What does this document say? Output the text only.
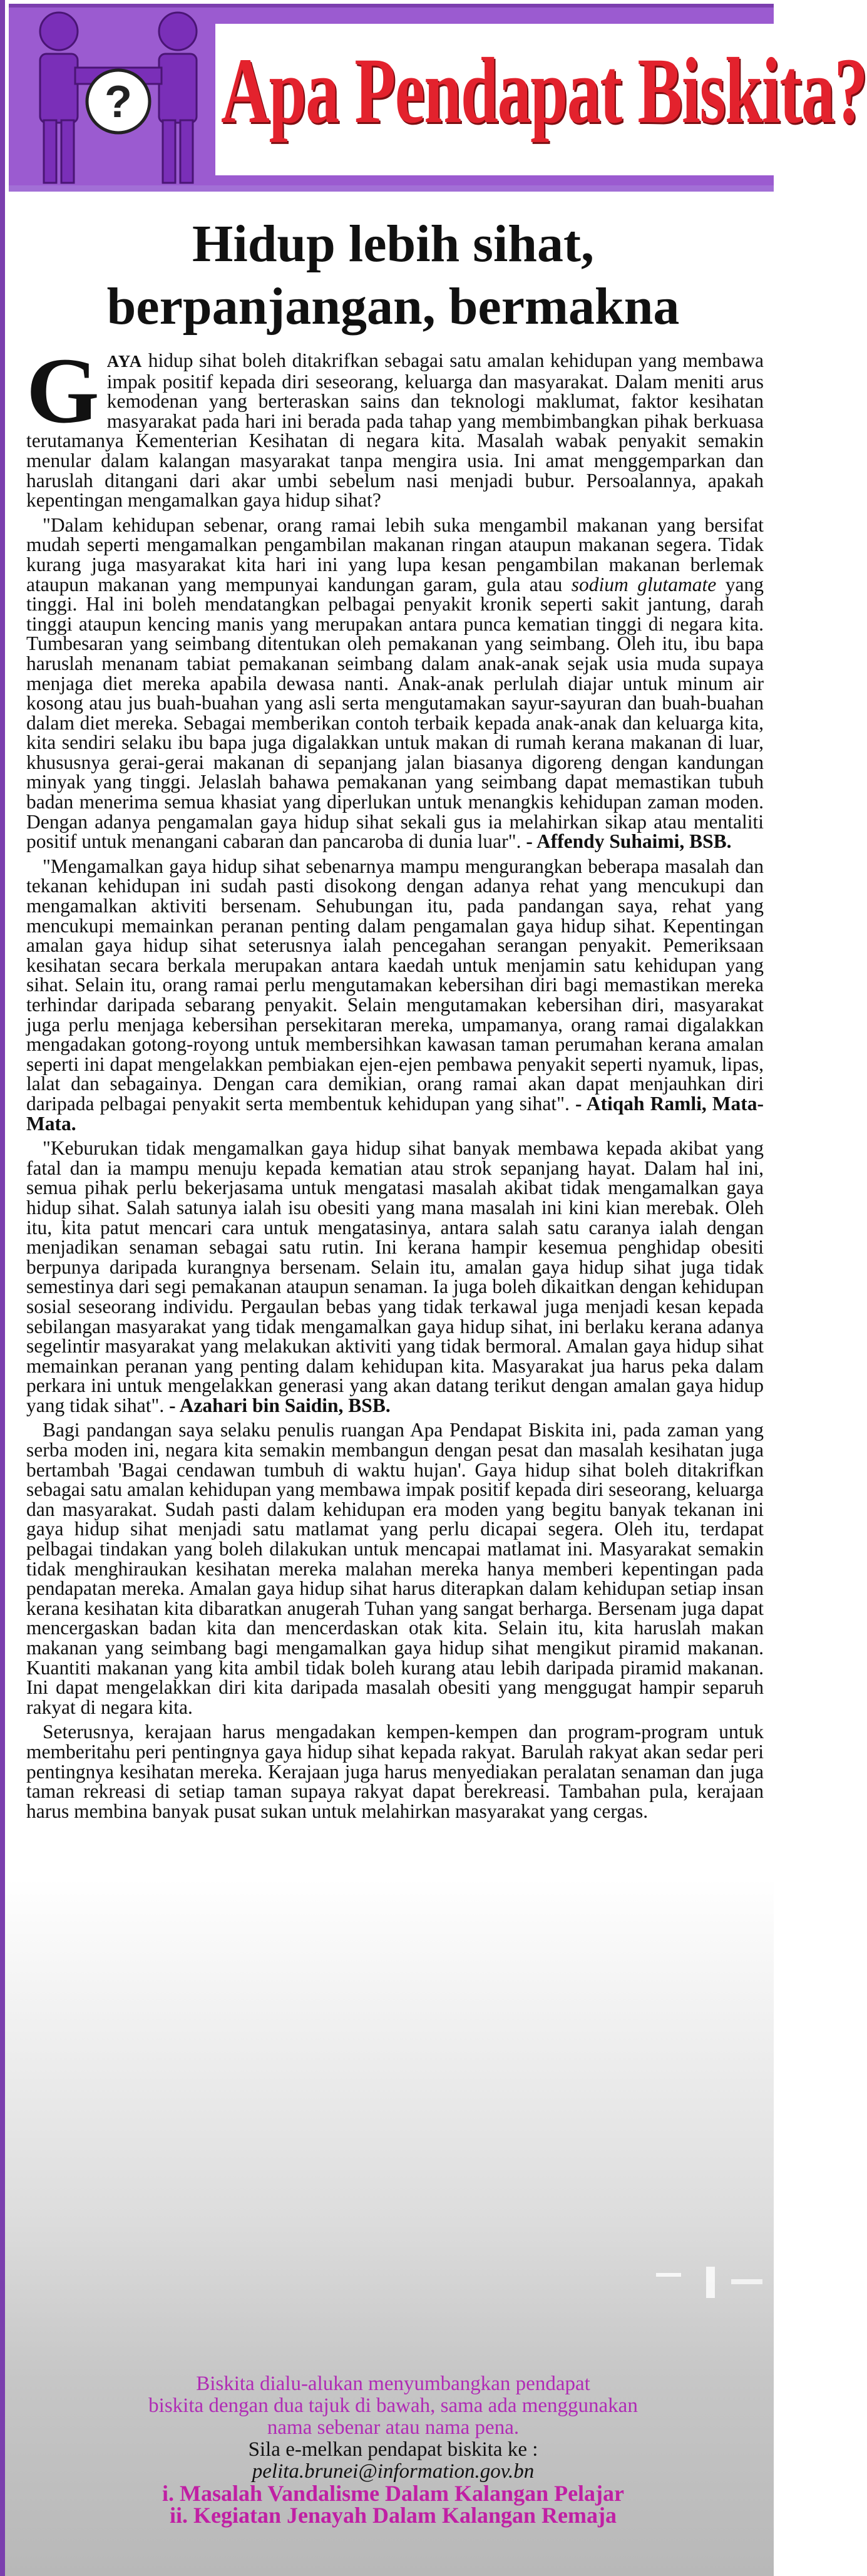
? Apa Pendapat Biskita?
Hidup lebih sihat,
berpanjangan, bermakna

GAYA hidup sihat boleh ditakrifkan sebagai satu amalan kehidupan yang membawa impak positif kepada diri seseorang, keluarga dan masyarakat. Dalam meniti arus kemodenan yang berteraskan sains dan teknologi maklumat, faktor kesihatan masyarakat pada hari ini berada pada tahap yang membimbangkan pihak berkuasa terutamanya Kementerian Kesihatan di negara kita. Masalah wabak penyakit semakin menular dalam kalangan masyarakat tanpa mengira usia. Ini amat menggemparkan dan haruslah ditangani dari akar umbi sebelum nasi menjadi bubur. Persoalannya, apakah kepentingan mengamalkan gaya hidup sihat?

"Dalam kehidupan sebenar, orang ramai lebih suka mengambil makanan yang bersifat mudah seperti mengamalkan pengambilan makanan ringan ataupun makanan segera. Tidak kurang juga masyarakat kita hari ini yang lupa kesan pengambilan makanan berlemak ataupun makanan yang mempunyai kandungan garam, gula atau sodium glutamate yang tinggi. Hal ini boleh mendatangkan pelbagai penyakit kronik seperti sakit jantung, darah tinggi ataupun kencing manis yang merupakan antara punca kematian tinggi di negara kita. Tumbesaran yang seimbang ditentukan oleh pemakanan yang seimbang. Oleh itu, ibu bapa haruslah menanam tabiat pemakanan seimbang dalam anak-anak sejak usia muda supaya menjaga diet mereka apabila dewasa nanti. Anak-anak perlulah diajar untuk minum air kosong atau jus buah-buahan yang asli serta mengutamakan sayur-sayuran dan buah-buahan dalam diet mereka. Sebagai memberikan contoh terbaik kepada anak-anak dan keluarga kita, kita sendiri selaku ibu bapa juga digalakkan untuk makan di rumah kerana makanan di luar, khususnya gerai-gerai makanan di sepanjang jalan biasanya digoreng dengan kandungan minyak yang tinggi. Jelaslah bahawa pemakanan yang seimbang dapat memastikan tubuh badan menerima semua khasiat yang diperlukan untuk menangkis kehidupan zaman moden. Dengan adanya pengamalan gaya hidup sihat sekali gus ia melahirkan sikap atau mentaliti positif untuk menangani cabaran dan pancaroba di dunia luar". - Affendy Suhaimi, BSB.

"Mengamalkan gaya hidup sihat sebenarnya mampu mengurangkan beberapa masalah dan tekanan kehidupan ini sudah pasti disokong dengan adanya rehat yang mencukupi dan mengamalkan aktiviti bersenam. Sehubungan itu, pada pandangan saya, rehat yang mencukupi memainkan peranan penting dalam pengamalan gaya hidup sihat. Kepentingan amalan gaya hidup sihat seterusnya ialah pencegahan serangan penyakit. Pemeriksaan kesihatan secara berkala merupakan antara kaedah untuk menjamin satu kehidupan yang sihat. Selain itu, orang ramai perlu mengutamakan kebersihan diri bagi memastikan mereka terhindar daripada sebarang penyakit. Selain mengutamakan kebersihan diri, masyarakat juga perlu menjaga kebersihan persekitaran mereka, umpamanya, orang ramai digalakkan mengadakan gotong-royong untuk membersihkan kawasan taman perumahan kerana amalan seperti ini dapat mengelakkan pembiakan ejen-ejen pembawa penyakit seperti nyamuk, lipas, lalat dan sebagainya. Dengan cara demikian, orang ramai akan dapat menjauhkan diri daripada pelbagai penyakit serta membentuk kehidupan yang sihat". - Atiqah Ramli, Mata-Mata.

"Keburukan tidak mengamalkan gaya hidup sihat banyak membawa kepada akibat yang fatal dan ia mampu menuju kepada kematian atau strok sepanjang hayat. Dalam hal ini, semua pihak perlu bekerjasama untuk mengatasi masalah akibat tidak mengamalkan gaya hidup sihat. Salah satunya ialah isu obesiti yang mana masalah ini kini kian merebak. Oleh itu, kita patut mencari cara untuk mengatasinya, antara salah satu caranya ialah dengan menjadikan senaman sebagai satu rutin. Ini kerana hampir kesemua penghidap obesiti berpunya daripada kurangnya bersenam. Selain itu, amalan gaya hidup sihat juga tidak semestinya dari segi pemakanan ataupun senaman. Ia juga boleh dikaitkan dengan kehidupan sosial seseorang individu. Pergaulan bebas yang tidak terkawal juga menjadi kesan kepada sebilangan masyarakat yang tidak mengamalkan gaya hidup sihat, ini berlaku kerana adanya segelintir masyarakat yang melakukan aktiviti yang tidak bermoral. Amalan gaya hidup sihat memainkan peranan yang penting dalam kehidupan kita. Masyarakat jua harus peka dalam perkara ini untuk mengelakkan generasi yang akan datang terikut dengan amalan gaya hidup yang tidak sihat". - Azahari bin Saidin, BSB.

Bagi pandangan saya selaku penulis ruangan Apa Pendapat Biskita ini, pada zaman yang serba moden ini, negara kita semakin membangun dengan pesat dan masalah kesihatan juga bertambah 'Bagai cendawan tumbuh di waktu hujan'. Gaya hidup sihat boleh ditakrifkan sebagai satu amalan kehidupan yang membawa impak positif kepada diri seseorang, keluarga dan masyarakat. Sudah pasti dalam kehidupan era moden yang begitu banyak tekanan ini gaya hidup sihat menjadi satu matlamat yang perlu dicapai segera. Oleh itu, terdapat pelbagai tindakan yang boleh dilakukan untuk mencapai matlamat ini. Masyarakat semakin tidak menghiraukan kesihatan mereka malahan mereka hanya memberi kepentingan pada pendapatan mereka. Amalan gaya hidup sihat harus diterapkan dalam kehidupan setiap insan kerana kesihatan kita dibaratkan anugerah Tuhan yang sangat berharga. Bersenam juga dapat mencergaskan badan kita dan mencerdaskan otak kita. Selain itu, kita haruslah makan makanan yang seimbang bagi mengamalkan gaya hidup sihat mengikut piramid makanan. Kuantiti makanan yang kita ambil tidak boleh kurang atau lebih daripada piramid makanan. Ini dapat mengelakkan diri kita daripada masalah obesiti yang menggugat hampir separuh rakyat di negara kita.

Seterusnya, kerajaan harus mengadakan kempen-kempen dan program-program untuk memberitahu peri pentingnya gaya hidup sihat kepada rakyat. Barulah rakyat akan sedar peri pentingnya kesihatan mereka. Kerajaan juga harus menyediakan peralatan senaman dan juga taman rekreasi di setiap taman supaya rakyat dapat berekreasi. Tambahan pula, kerajaan harus membina banyak pusat sukan untuk melahirkan masyarakat yang cergas.

Biskita dialu-alukan menyumbangkan pendapat
biskita dengan dua tajuk di bawah, sama ada menggunakan
nama sebenar atau nama pena.
Sila e-melkan pendapat biskita ke :
pelita.brunei@information.gov.bn
i. Masalah Vandalisme Dalam Kalangan Pelajar
ii. Kegiatan Jenayah Dalam Kalangan Remaja
